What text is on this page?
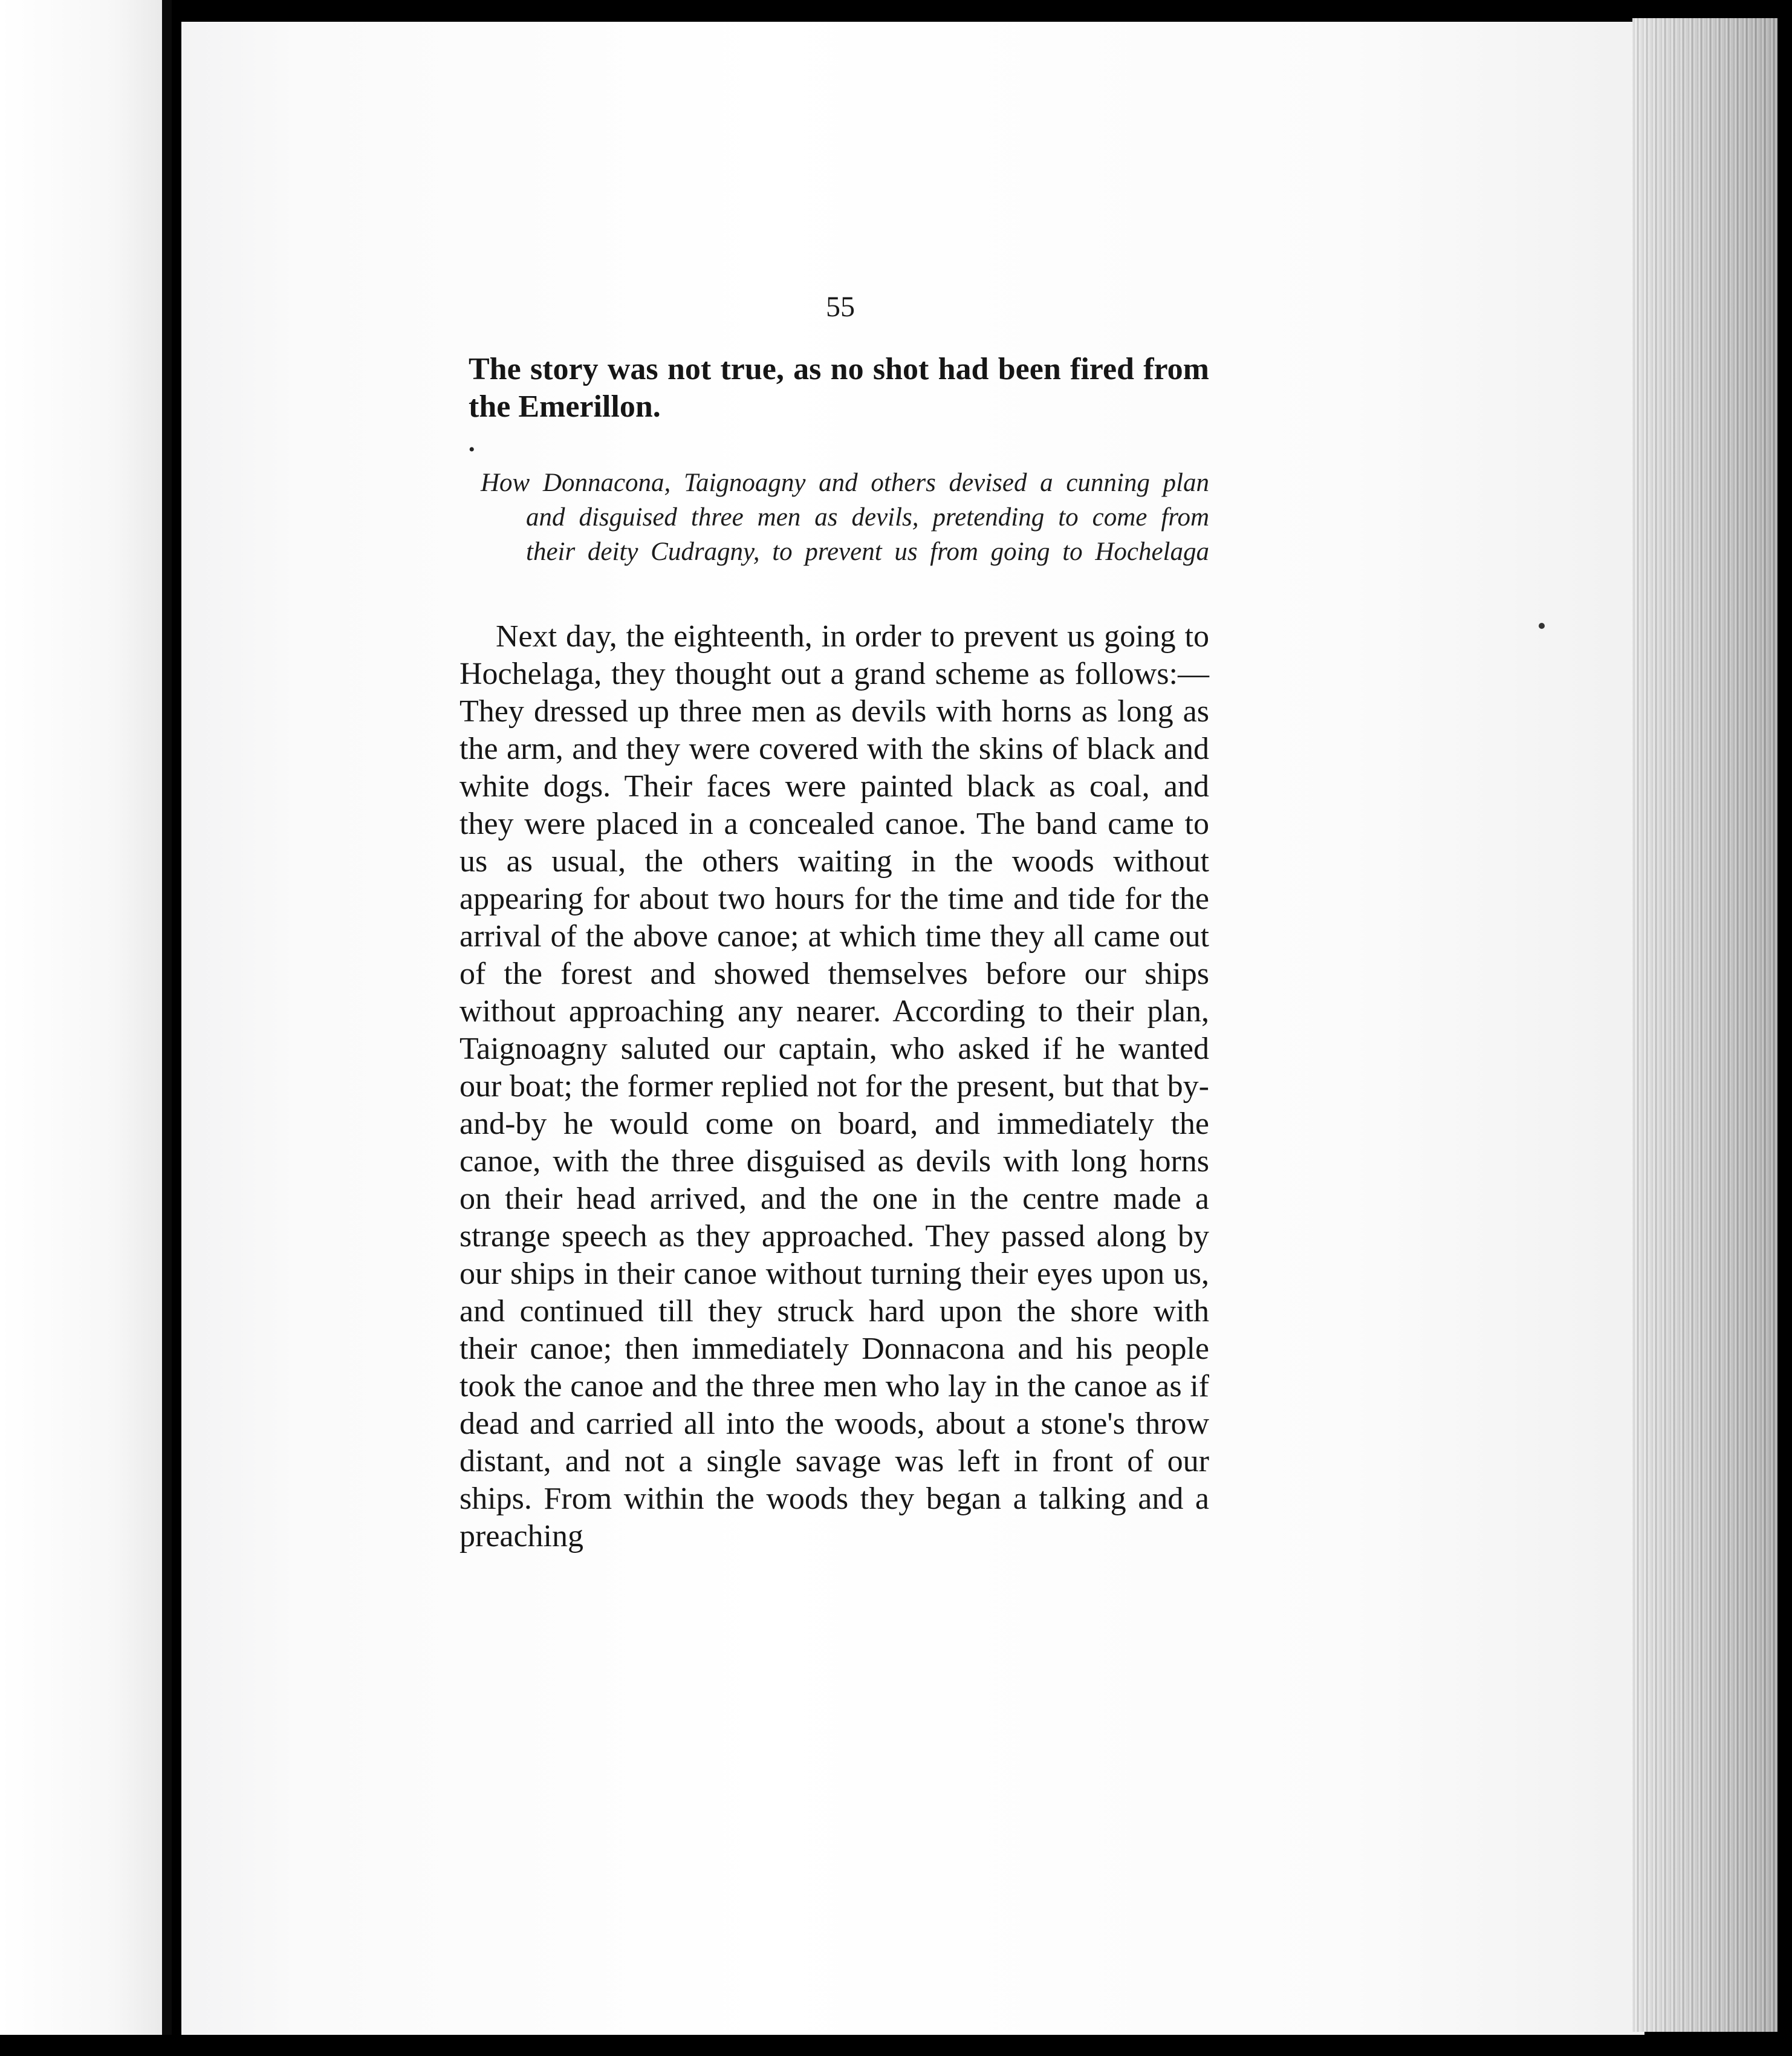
55

The story was not true, as no shot had been fired from the Emerillon.

•
How Donnacona, Taignoagny and others devised a cunning plan
and disguised three men as devils, pretending to come from
their deity Cudragny, to prevent us from going to Hochelaga

Next day, the eighteenth, in order to prevent us going to Hochelaga, they thought out a grand scheme as follows:—They dressed up three men as devils with horns as long as the arm, and they were covered with the skins of black and white dogs. Their faces were painted black as coal, and they were placed in a concealed canoe. The band came to us as usual, the others waiting in the woods without appearing for about two hours for the time and tide for the arrival of the above canoe; at which time they all came out of the forest and showed themselves before our ships without approaching any nearer. According to their plan, Taignoagny saluted our captain, who asked if he wanted our boat; the former replied not for the present, but that by-and-by he would come on board, and immediately the canoe, with the three disguised as devils with long horns on their head arrived, and the one in the centre made a strange speech as they approached. They passed along by our ships in their canoe without turning their eyes upon us, and continued till they struck hard upon the shore with their canoe; then immediately Donnacona and his people took the canoe and the three men who lay in the canoe as if dead and carried all into the woods, about a stone's throw distant, and not a single savage was left in front of our ships. From within the woods they began a talking and a preaching
